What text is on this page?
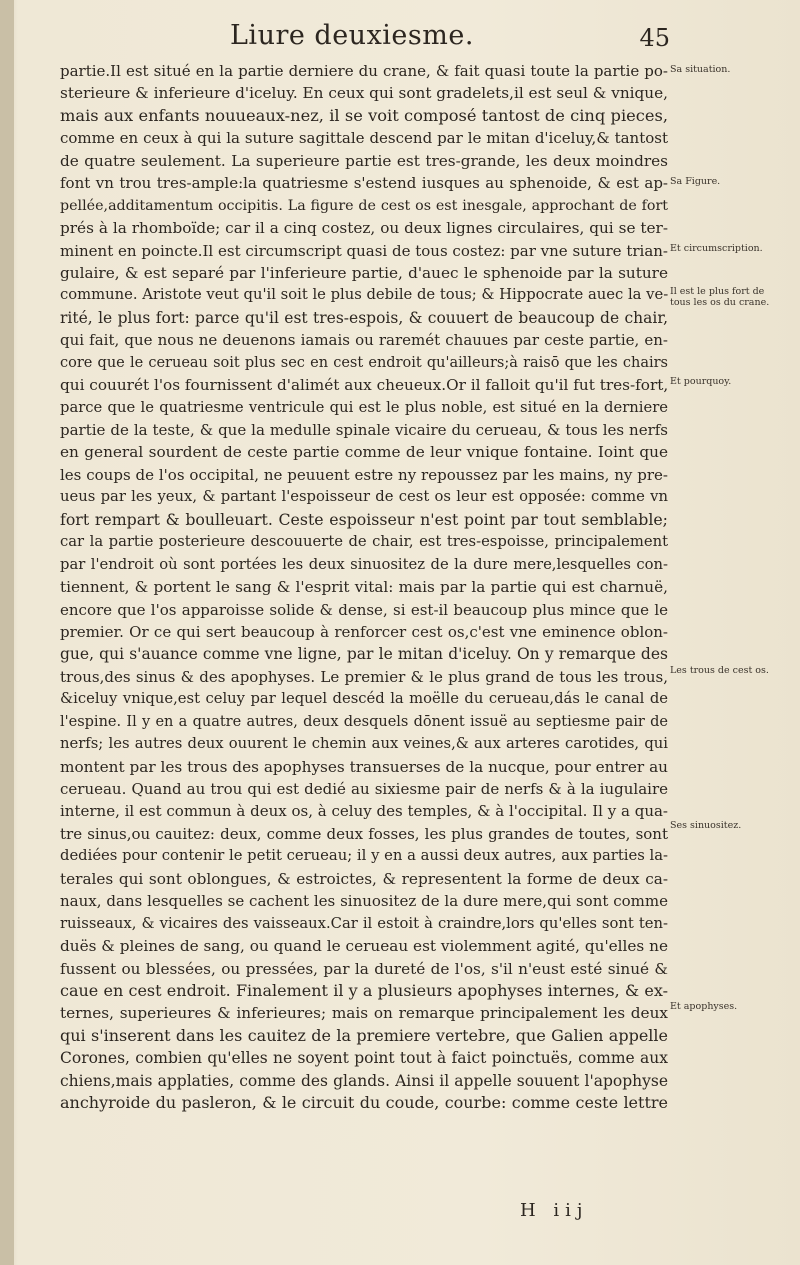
Liure deuxiesme.	45
partie.Il est situé en la partie derniere du crane, & fait quasi toute la partie po-
sterieure & inferieure d'iceluy. En ceux qui sont gradelets,il est seul & vnique,
mais aux enfants nouueaux-nez, il se voit composé tantost de cinq pieces,
comme en ceux à qui la suture sagittale descend par le mitan d'iceluy,& tantost
de quatre seulement. La superieure partie est tres-grande, les deux moindres
font vn trou tres-ample:la quatriesme s'estend iusques au sphenoide, & est ap-
pellée,additamentum occipitis. La figure de cest os est inesgale, approchant de fort
prés à la rhomboïde; car il a cinq costez, ou deux lignes circulaires, qui se ter-
minent en poincte.Il est circumscript quasi de tous costez: par vne suture trian-
gulaire, & est separé par l'inferieure partie, d'auec le sphenoide par la suture
commune. Aristote veut qu'il soit le plus debile de tous; & Hippocrate auec la ve-
rité, le plus fort: parce qu'il est tres-espois, & couuert de beaucoup de chair,
qui fait, que nous ne deuenons iamais ou raremét chauues par ceste partie, en-
core que le cerueau soit plus sec en cest endroit qu'ailleurs;à raisō que les chairs
qui couurét l'os fournissent d'alimét aux cheueux.Or il falloit qu'il fut tres-fort,
parce que le quatriesme ventricule qui est le plus noble, est situé en la derniere
partie de la teste, & que la medulle spinale vicaire du cerueau, & tous les nerfs
en general sourdent de ceste partie comme de leur vnique fontaine. Ioint que
les coups de l'os occipital, ne peuuent estre ny repoussez par les mains, ny pre-
ueus par les yeux, & partant l'espoisseur de cest os leur est opposée: comme vn
fort rempart & boulleuart. Ceste espoisseur n'est point par tout semblable;
car la partie posterieure descouuerte de chair, est tres-espoisse, principalement
par l'endroit où sont portées les deux sinuositez de la dure mere,lesquelles con-
tiennent, & portent le sang & l'esprit vital: mais par la partie qui est charnuë,
encore que l'os apparoisse solide & dense, si est-il beaucoup plus mince que le
premier. Or ce qui sert beaucoup à renforcer cest os,c'est vne eminence oblon-
gue, qui s'auance comme vne ligne, par le mitan d'iceluy. On y remarque des
trous,des sinus & des apophyses. Le premier & le plus grand de tous les trous,
&iceluy vnique,est celuy par lequel descéd la moëlle du cerueau,dás le canal de
l'espine. Il y en a quatre autres, deux desquels dōnent issuë au septiesme pair de
nerfs; les autres deux ouurent le chemin aux veines,& aux arteres carotides, qui
montent par les trous des apophyses transuerses de la nucque, pour entrer au
cerueau. Quand au trou qui est dedié au sixiesme pair de nerfs & à la iugulaire
interne, il est commun à deux os, à celuy des temples, & à l'occipital. Il y a qua-
tre sinus,ou cauitez: deux, comme deux fosses, les plus grandes de toutes, sont
dediées pour contenir le petit cerueau; il y en a aussi deux autres, aux parties la-
terales qui sont oblongues, & estroictes, & representent la forme de deux ca-
naux, dans lesquelles se cachent les sinuositez de la dure mere,qui sont comme
ruisseaux, & vicaires des vaisseaux.Car il estoit à craindre,lors qu'elles sont ten-
duës & pleines de sang, ou quand le cerueau est violemment agité, qu'elles ne
fussent ou blessées, ou pressées, par la dureté de l'os, s'il n'eust esté sinué &
caue en cest endroit. Finalement il y a plusieurs apophyses internes, & ex-
ternes, superieures & inferieures; mais on remarque principalement les deux
qui s'inserent dans les cauitez de la premiere vertebre, que Galien appelle
Corones, combien qu'elles ne soyent point tout à faict poinctuës, comme aux
chiens,mais applaties, comme des glands. Ainsi il appelle souuent l'apophyse
anchyroide du pasleron, & le circuit du coude, courbe: comme ceste lettre
Sa situation.
Sa Figure.
Et circumscription.
Il est le plus fort de tous les os du crane.
Et pourquoy.
Les trous de cest os.
Ses sinuositez.
Et apophyses.
H iij
